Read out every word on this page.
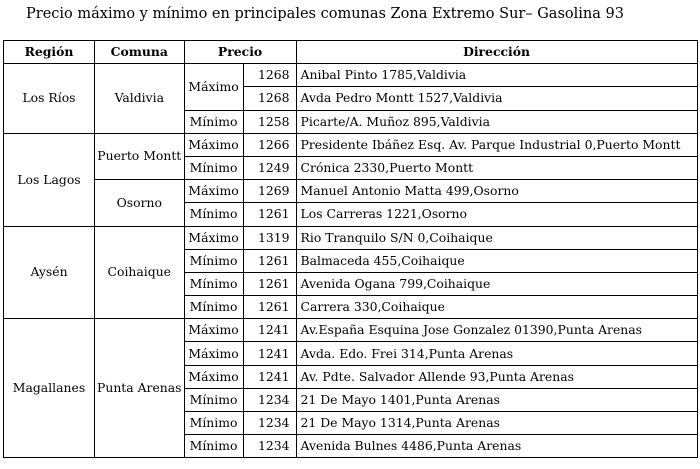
Precio máximo y mínimo en principales comunas Zona Extremo Sur– Gasolina 93
Región	Comuna	Precio		Dirección
Los Ríos	Valdivia	Máximo	1268	Anibal Pinto 1785,Valdivia
			1268	Avda Pedro Montt 1527,Valdivia
		Mínimo	1258	Picarte/A. Muñoz 895,Valdivia
Los Lagos	Puerto Montt	Máximo	1266	Presidente Ibáñez Esq. Av. Parque Industrial 0,Puerto Montt
		Mínimo	1249	Crónica 2330,Puerto Montt
	Osorno	Máximo	1269	Manuel Antonio Matta 499,Osorno
		Mínimo	1261	Los Carreras 1221,Osorno
Aysén	Coihaique	Máximo	1319	Rio Tranquilo S/N 0,Coihaique
		Mínimo	1261	Balmaceda 455,Coihaique
		Mínimo	1261	Avenida Ogana 799,Coihaique
		Mínimo	1261	Carrera 330,Coihaique
Magallanes	Punta Arenas	Máximo	1241	Av.España Esquina Jose Gonzalez 01390,Punta Arenas
		Máximo	1241	Avda. Edo. Frei 314,Punta Arenas
		Máximo	1241	Av. Pdte. Salvador Allende 93,Punta Arenas
		Mínimo	1234	21 De Mayo 1401,Punta Arenas
		Mínimo	1234	21 De Mayo 1314,Punta Arenas
		Mínimo	1234	Avenida Bulnes 4486,Punta Arenas
